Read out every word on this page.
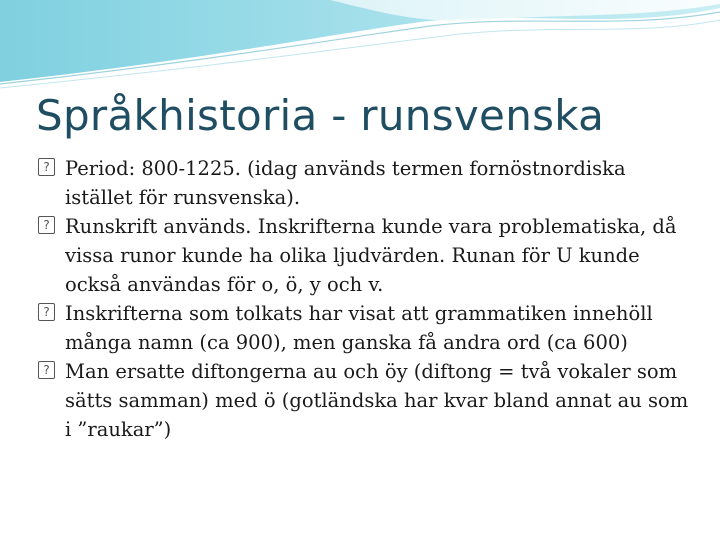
Språkhistoria - runsvenska
? Period: 800-1225. (idag används termen fornöstnordiska istället för runsvenska).
? Runskrift används. Inskrifterna kunde vara problematiska, då vissa runor kunde ha olika ljudvärden. Runan för U kunde också användas för o, ö, y och v.
? Inskrifterna som tolkats har visat att grammatiken innehöll många namn (ca 900), men ganska få andra ord (ca 600)
? Man ersatte diftongerna au och öy (diftong = två vokaler som sätts samman) med ö (gotländska har kvar bland annat au som i ”raukar”)
